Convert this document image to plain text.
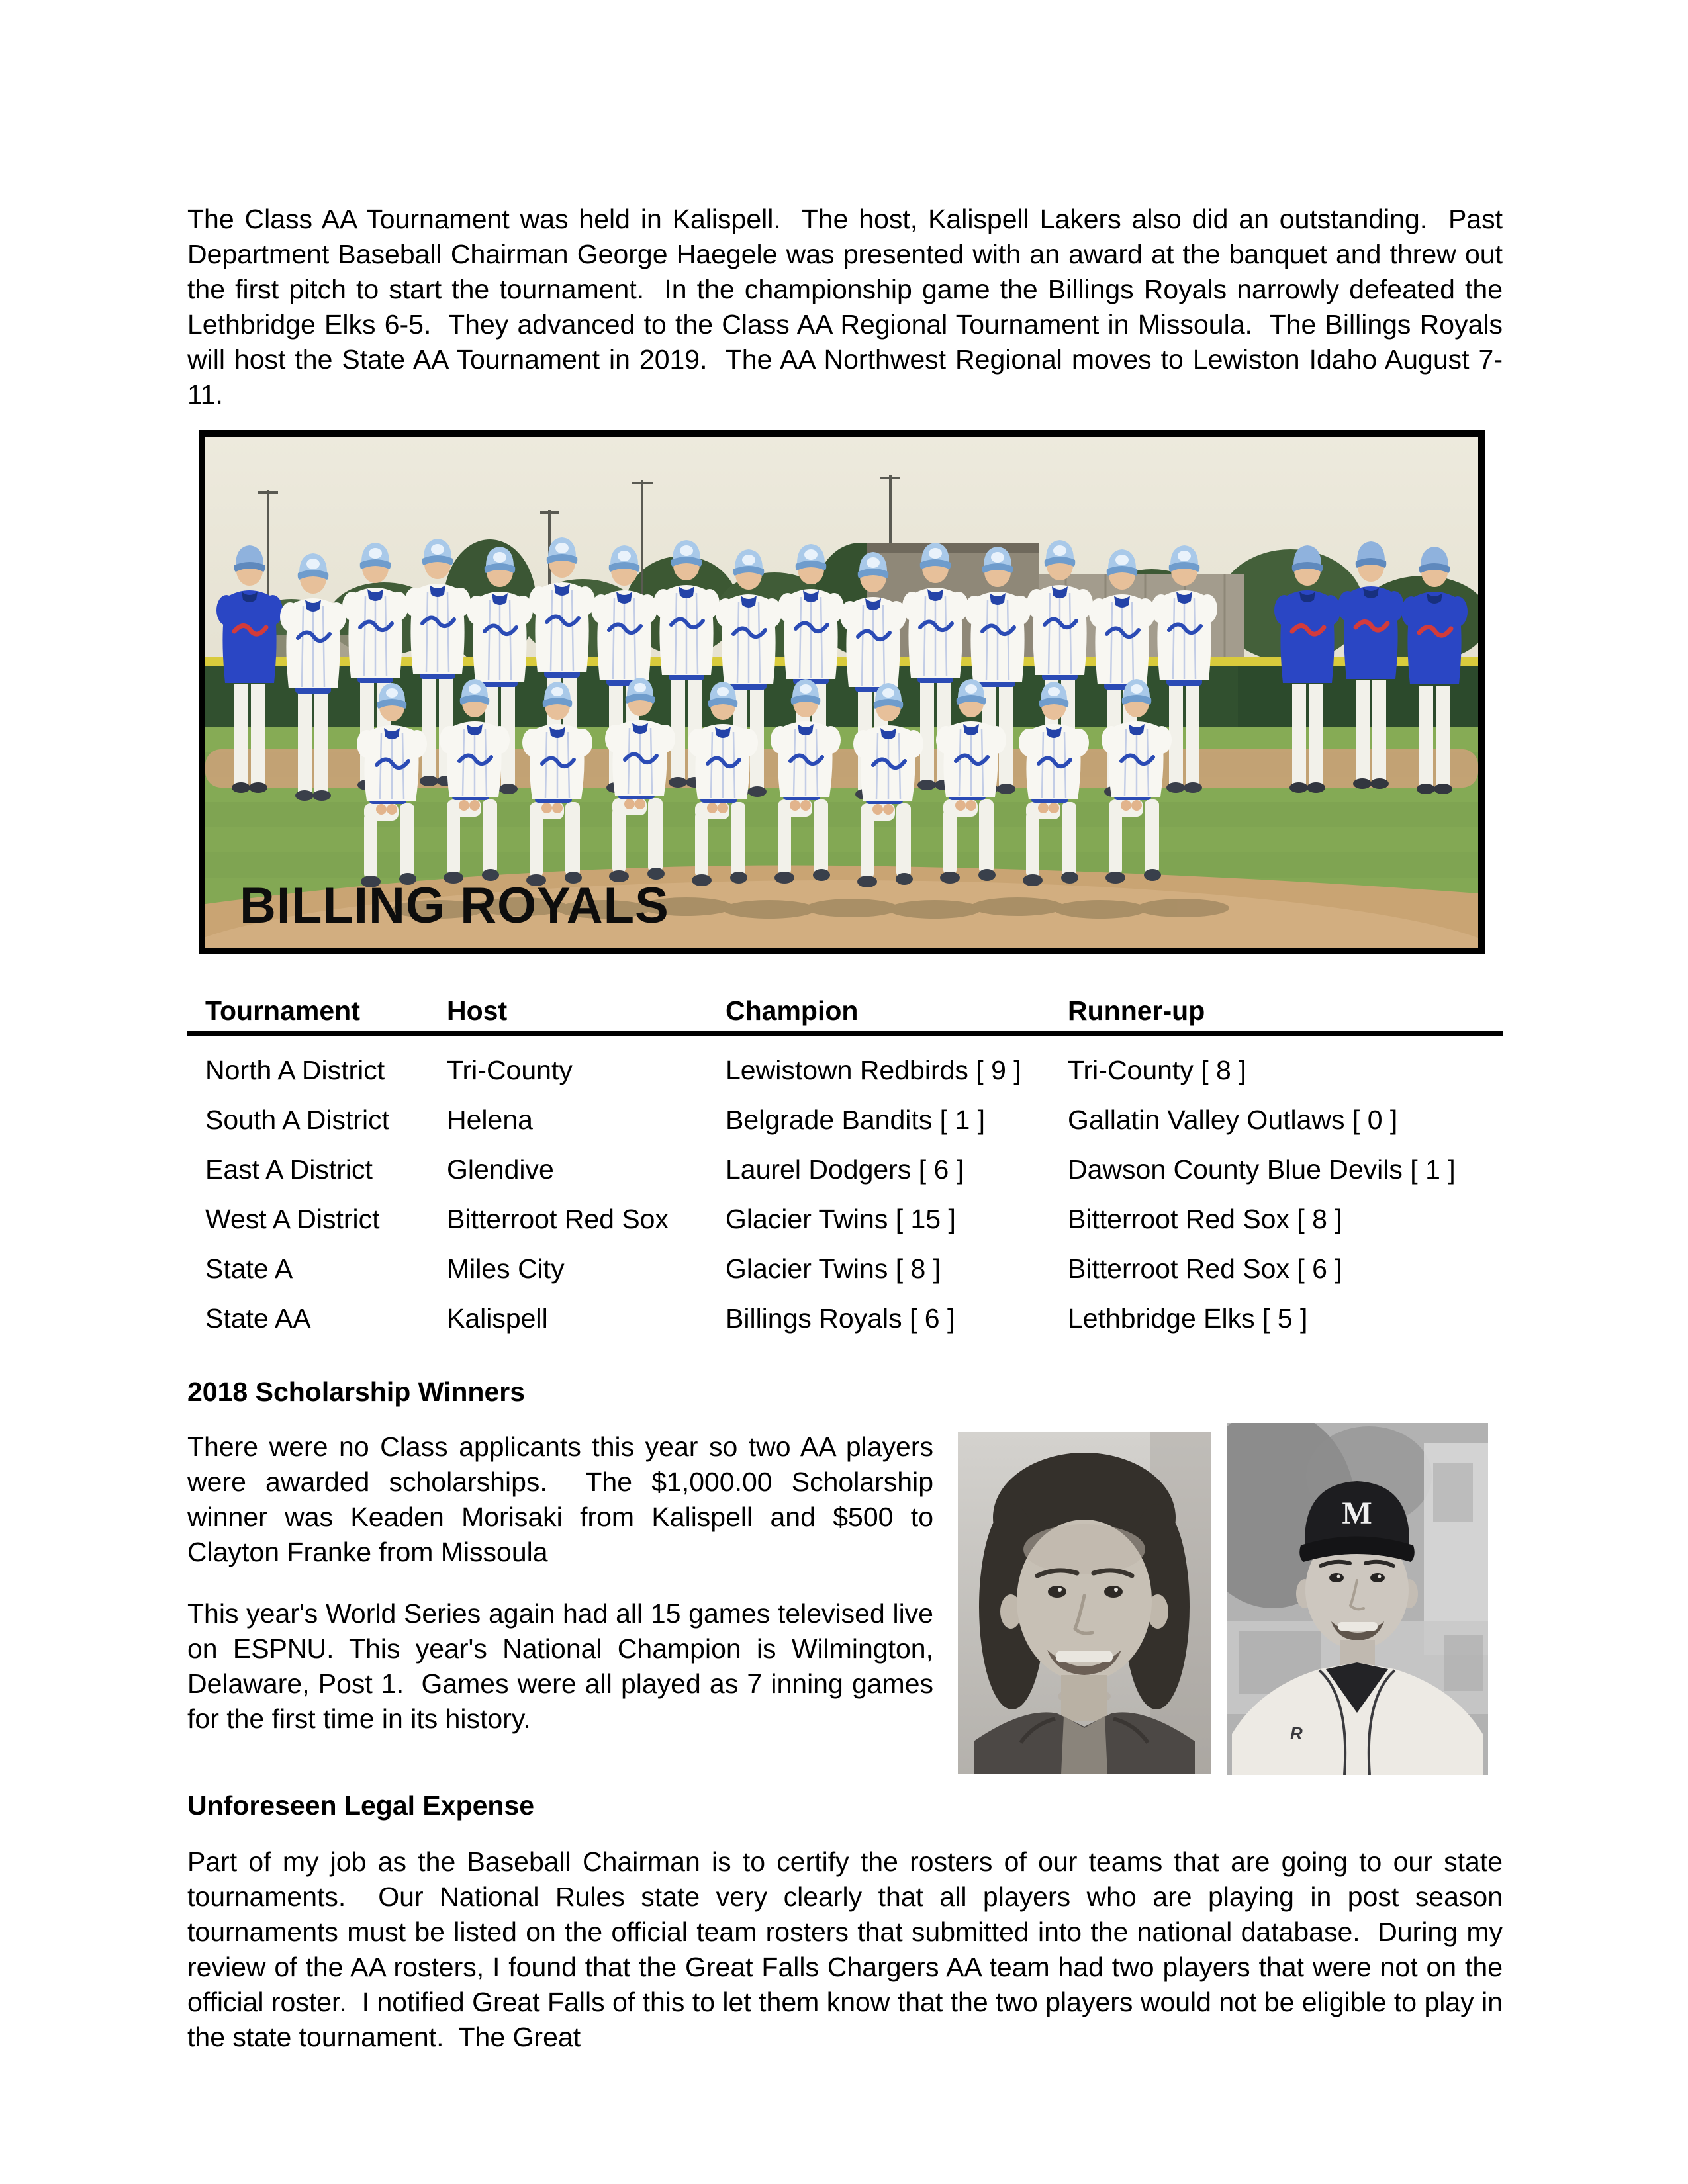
The Class AA Tournament was held in Kalispell.  The host, Kalispell Lakers also did an outstanding.  Past Department Baseball Chairman George Haegele was presented with an award at the banquet and threw out the first pitch to start the tournament.  In the championship game the Billings Royals narrowly defeated the Lethbridge Elks 6-5.  They advanced to the Class AA Regional Tournament in Missoula.  The Billings Royals will host the State AA Tournament in 2019.  The AA Northwest Regional moves to Lewiston Idaho August 7-11.

BILLING ROYALS
Tournament	Host	Champion	Runner-up
North A District	Tri-County	Lewistown Redbirds [ 9 ]	Tri-County [ 8 ]
South A District	Helena	Belgrade Bandits [ 1 ]	Gallatin Valley Outlaws [ 0 ]
East A District	Glendive	Laurel Dodgers [ 6 ]	Dawson County Blue Devils [ 1 ]
West A District	Bitterroot Red Sox	Glacier Twins [ 15 ]	Bitterroot Red Sox [ 8 ]
State A	Miles City	Glacier Twins [ 8 ]	Bitterroot Red Sox [ 6 ]
State AA	Kalispell	Billings Royals [ 6 ]	Lethbridge Elks [ 5 ]
2018 Scholarship Winners

There were no Class applicants this year so two AA players were awarded scholarships.  The $1,000.00 Scholarship winner was Keaden Morisaki from Kalispell and $500 to Clayton Franke from Missoula

This year's World Series again had all 15 games televised live on ESPNU. This year's National Champion is Wilmington, Delaware, Post 1.  Games were all played as 7 inning games for the first time in its history.

M
R
Unforeseen Legal Expense

Part of my job as the Baseball Chairman is to certify the rosters of our teams that are going to our state tournaments.  Our National Rules state very clearly that all players who are playing in post season tournaments must be listed on the official team rosters that submitted into the national database.  During my review of the AA rosters, I found that the Great Falls Chargers AA team had two players that were not on the official roster.  I notified Great Falls of this to let them know that the two players would not be eligible to play in the state tournament.  The Great
